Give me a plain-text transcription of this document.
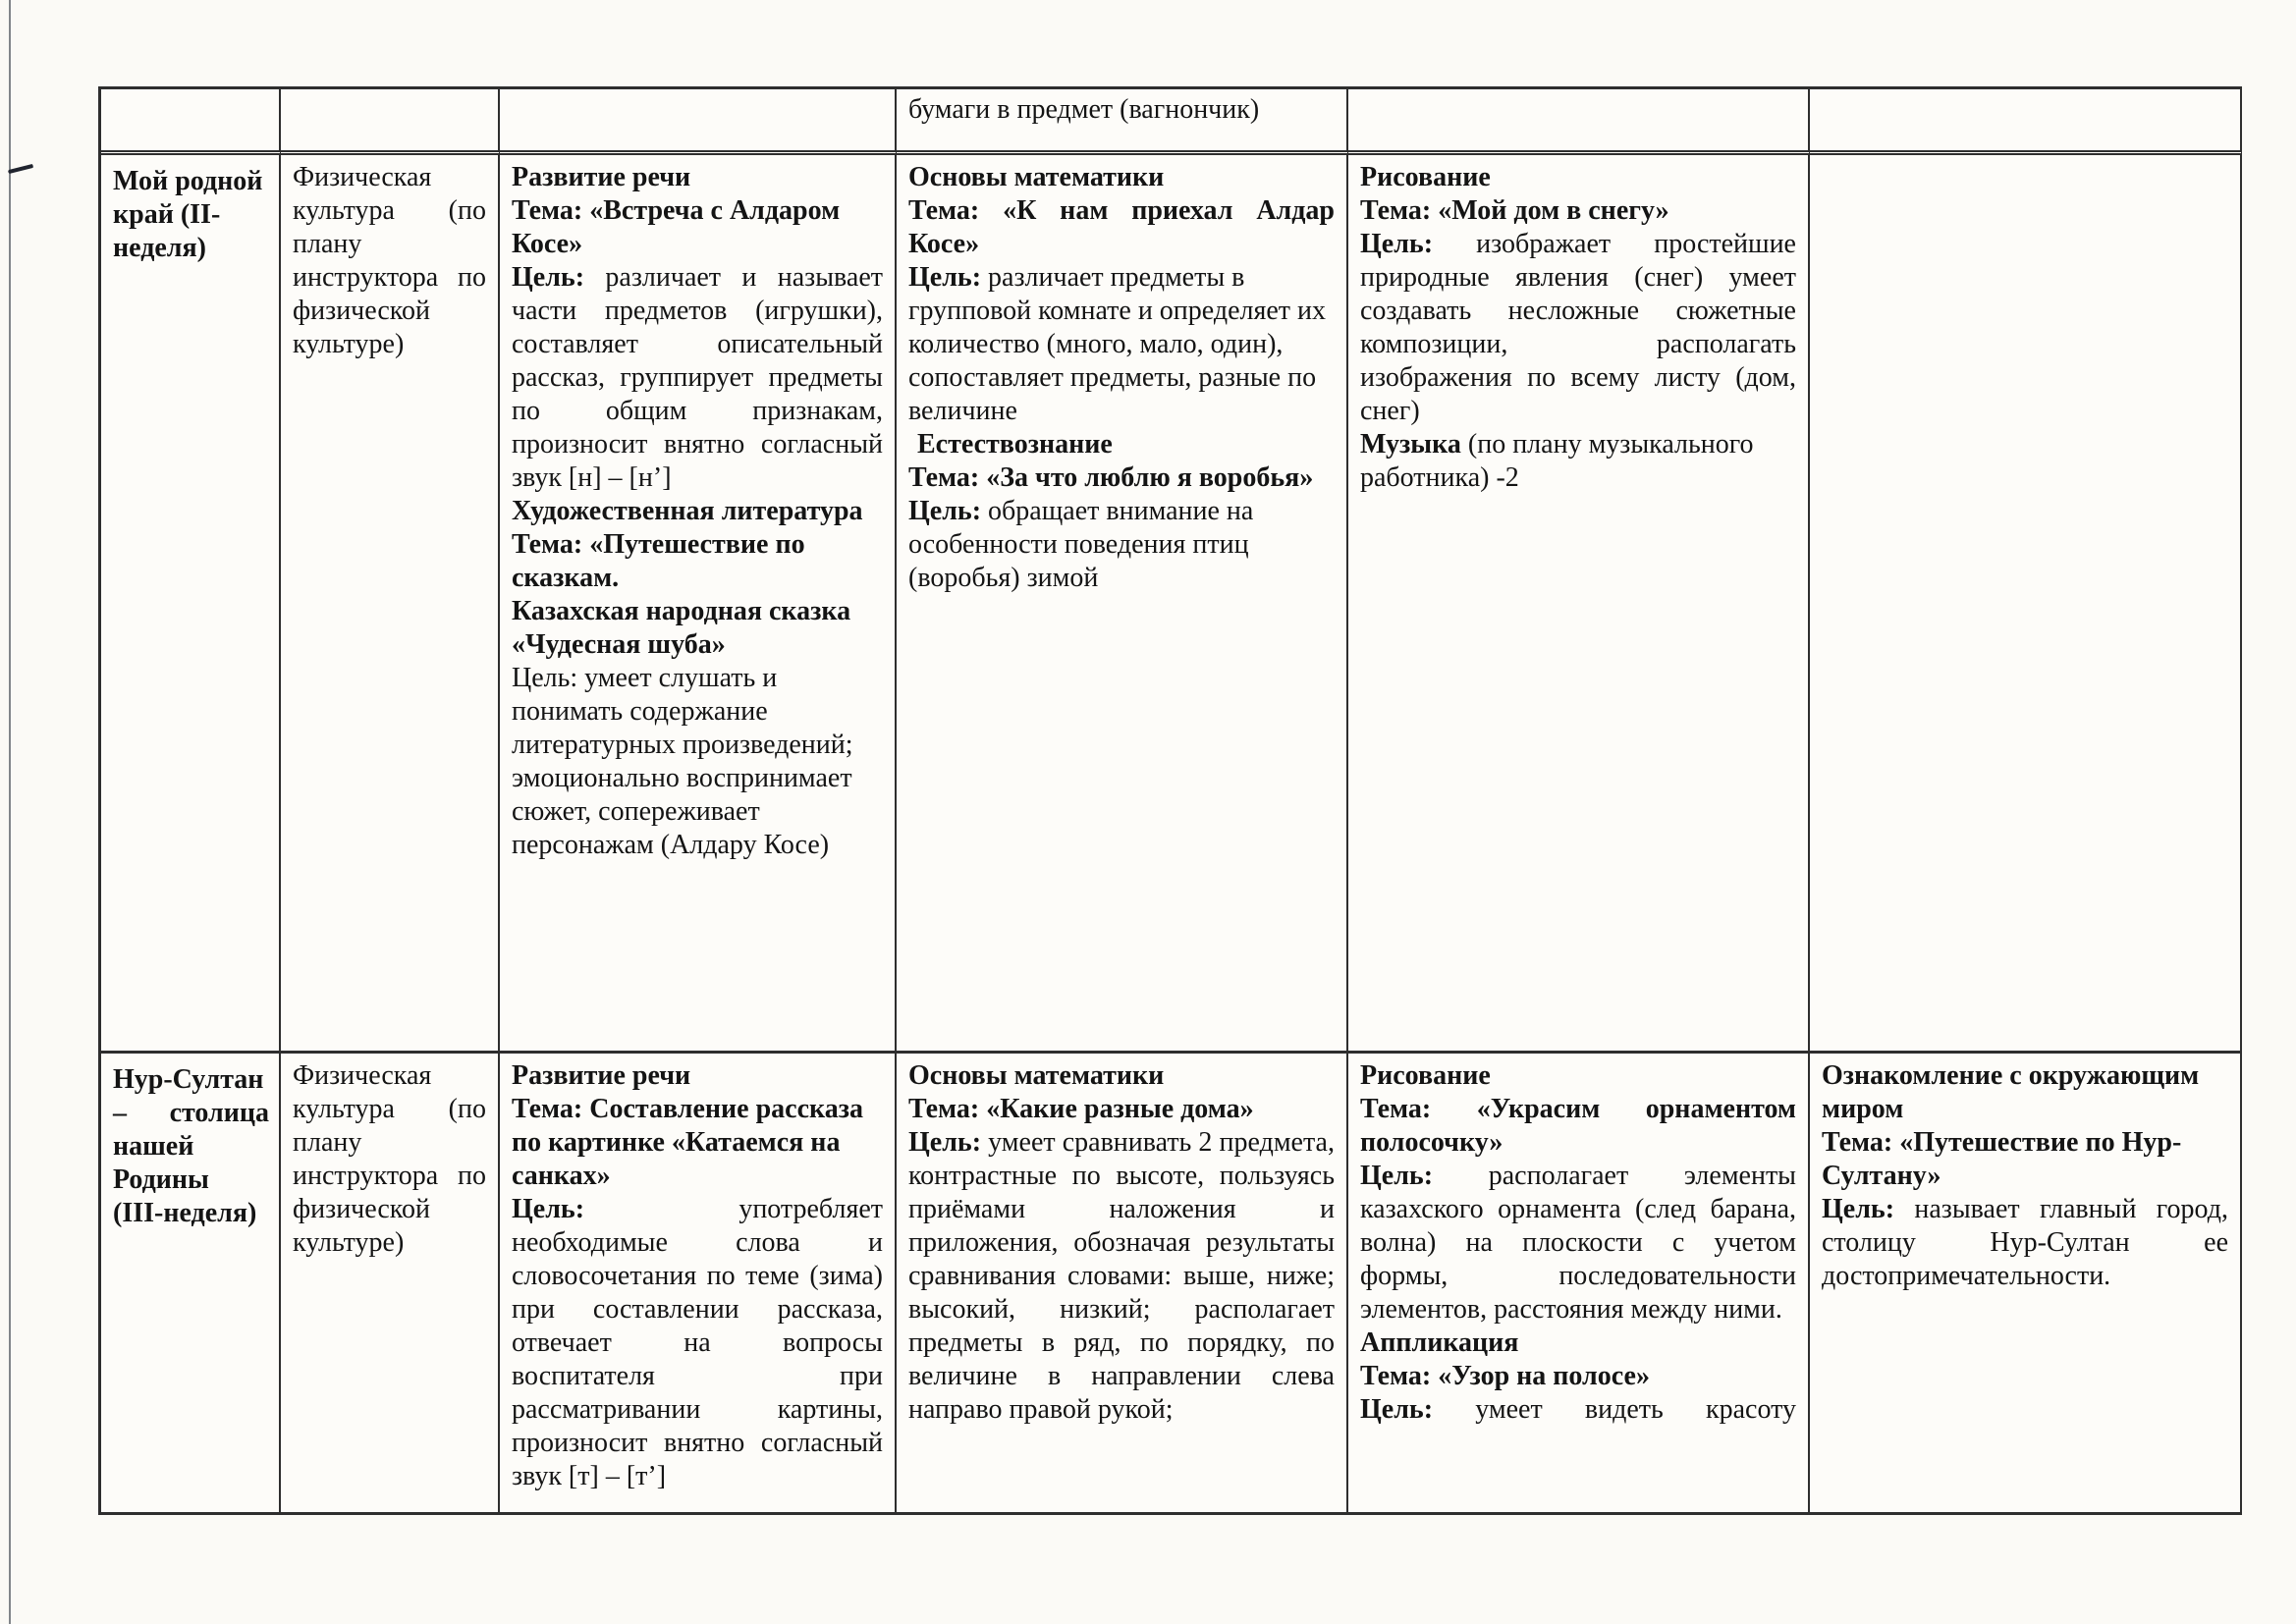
бумаги в предмет (вагнончик)

Мой родной край (II-неделя)

Физическая культура (по плану инструктора по физической культуре)

Развитие речи

Тема: «Встреча с Алдаром Косе»

Цель: различает и называет части предметов (игрушки), составляет описательный рассказ, группирует предметы по общим признакам, произносит внятно согласный звук [н] – [н’]

Художественная литература

Тема: «Путешествие по сказкам.

Казахская народная сказка «Чудесная шуба»

Цель: умеет слушать и понимать содержание литературных произведений; эмоционально воспринимает сюжет, сопереживает персонажам (Алдару Косе)

Основы математики

Тема: «К нам приехал Алдар Косе»

Цель: различает предметы в групповой комнате и определяет их количество (много, мало, один), сопоставляет предметы, разные по величине

Естествознание

Тема: «За что люблю я воробья»

Цель: обращает внимание на особенности поведения птиц (воробья) зимой

Рисование

Тема: «Мой дом в снегу»

Цель: изображает простейшие природные явления (снег) умеет создавать несложные сюжетные композиции, располагать изображения по всему листу (дом, снег)

Музыка (по плану музыкального работника) -2

Нур-Султан – столица нашей Родины

(III-неделя)

Физическая культура (по плану инструктора по физической культуре)

Развитие речи

Тема: Составление рассказа по картинке «Катаемся на санках»

Цель: употребляет необходимые слова и словосочетания по теме (зима) при составлении рассказа, отвечает на вопросы воспитателя при рассматривании картины, произносит внятно согласный звук [т] – [т’]

Основы математики

Тема: «Какие разные дома»

Цель: умеет сравнивать 2 предмета, контрастные по высоте, пользуясь приёмами наложения и приложения, обозначая результаты сравнивания словами: выше, ниже; высокий, низкий; располагает предметы в ряд, по порядку, по величине в направлении слева направо правой рукой;

Рисование

Тема: «Украсим орнаментом полосочку»

Цель: располагает элементы казахского орнамента (след барана, волна) на плоскости с учетом формы, последовательности элементов, расстояния между ними.

Аппликация

Тема: «Узор на полосе»

Цель: умеет видеть красоту

Ознакомление с окружающим миром

Тема: «Путешествие по Нур-Султану»

Цель: называет главный город, столицу Нур-Султан ее достопримечательности.
